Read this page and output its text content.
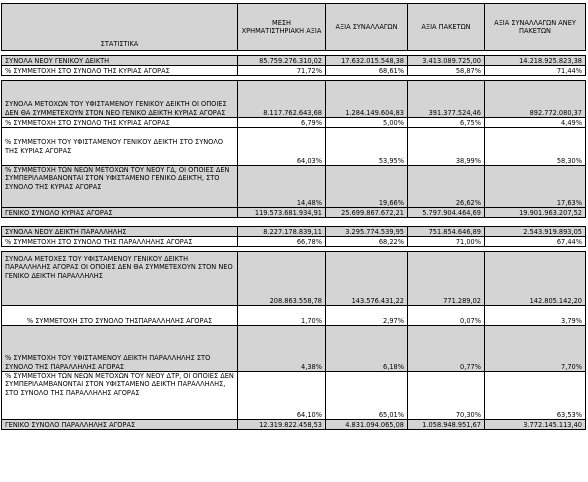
ΣΤΑΤΙΣΤΙΚΑ	ΜΕΣΗ ΧΡΗΜΑΤΙΣΤΗΡΙΑΚΗ ΑΞΙΑ	ΑΞΙΑ ΣΥΝΑΛΛΑΓΩΝ	ΑΞΙΑ ΠΑΚΕΤΩΝ	ΑΞΙΑ ΣΥΝΑΛΛΑΓΩΝ ΑΝΕΥ ΠΑΚΕΤΩΝ

ΣΥΝΟΛΑ ΝΕΟΥ ΓΕΝΙΚΟΥ ΔΕΙΚΤΗ	85.759.276.310,02	17.632.015.548,38	3.413.089.725,00	14.218.925.823,38
% ΣΥΜΜΕΤΟΧΗ ΣΤΟ ΣΥΝΟΛΟ ΤΗΣ ΚΥΡΙΑΣ ΑΓΟΡΑΣ	71,72%	68,61%	58,87%	71,44%

ΣΥΝΟΛΑ ΜΕΤΟΧΩΝ ΤΟΥ ΥΦΙΣΤΑΜΕΝΟΥ ΓΕΝΙΚΟΥ ΔΕΙΚΤΗ ΟΙ ΟΠΟΙΕΣ ΔΕΝ ΘΑ ΣΥΜΜΕΤΕΧΟΥΝ ΣΤΟΝ ΝΕΟ ΓΕΝΙΚΟ ΔΕΙΚΤΗ ΚΥΡΙΑΣ ΑΓΟΡΑΣ	8.117.762.643,68	1.284.149.604,83	391.377.524,46	892.772.080,37
% ΣΥΜΜΕΤΟΧΗ ΣΤΟ ΣΥΝΟΛΟ ΤΗΣ ΚΥΡΙΑΣ ΑΓΟΡΑΣ	6,79%	5,00%	6,75%	4,49%
% ΣΥΜΜΕΤΟΧΗ ΤΟΥ ΥΦΙΣΤΑΜΕΝΟΥ ΓΕΝΙΚΟΥ ΔΕΙΚΤΗ ΣΤΟ ΣΥΝΟΛΟ ΤΗΣ ΚΥΡΙΑΣ ΑΓΟΡΑΣ	64,03%	53,95%	38,99%	58,30%
% ΣΥΜΜΕΤΟΧΗ ΤΩΝ ΝΕΩΝ ΜΕΤΟΧΩΝ ΤΟΥ ΝΕΟΥ ΓΔ, ΟΙ ΟΠΟΙΕΣ ΔΕΝ ΣΥΜΠΕΡΙΛΑΜΒΑΝΟΝΤΑΙ ΣΤΟΝ ΥΦΙΣΤΑΜΕΝΟ ΓΕΝΙΚΟ ΔΕΙΚΤΗ, ΣΤΟ ΣΥΝΟΛΟ ΤΗΣ ΚΥΡΙΑΣ ΑΓΟΡΑΣ	14,48%	19,66%	26,62%	17,63%
ΓΕΝΙΚΟ ΣΥΝΟΛΟ ΚΥΡΙΑΣ ΑΓΟΡΑΣ	119.573.681.934,91	25.699.867.672,21	5.797.904.464,69	19.901.963.207,52

ΣΥΝΟΛΑ ΝΕΟΥ ΔΕΙΚΤΗ ΠΑΡΑΛΛΗΛΗΣ	8.227.178.839,11	3.295.774.539,95	751.854.646,89	2.543.919.893,05
% ΣΥΜΜΕΤΟΧΗ ΣΤΟ ΣΥΝΟΛΟ ΤΗΣ ΠΑΡΑΛΛΗΛΗΣ ΑΓΟΡΑΣ	66,78%	68,22%	71,00%	67,44%

ΣΥΝΟΛΑ ΜΕΤΟΧΕΣ ΤΟΥ ΥΦΙΣΤΑΜΕΝΟΥ ΓΕΝΙΚΟΥ ΔΕΙΚΤΗ ΠΑΡΑΛΛΗΛΗΣ ΑΓΟΡΑΣ ΟΙ ΟΠΟΙΕΣ ΔΕΝ ΘΑ ΣΥΜΜΕΤΕΧΟΥΝ ΣΤΟΝ ΝΕΟ ΓΕΝΙΚΟ ΔΕΙΚΤΗ ΠΑΡΑΛΛΗΛΗΣ	208.863.558,78	143.576.431,22	771.289,02	142.805.142,20
% ΣΥΜΜΕΤΟΧΗ ΣΤΟ ΣΥΝΟΛΟ ΤΗΣΠΑΡΑΛΛΗΛΗΣ ΑΓΟΡΑΣ	1,70%	2,97%	0,07%	3,79%
% ΣΥΜΜΕΤΟΧΗ ΤΟΥ ΥΦΙΣΤΑΜΕΝΟΥ ΔΕΙΚΤΗ ΠΑΡΑΛΛΗΛΗΣ ΣΤΟ ΣΥΝΟΛΟ ΤΗΣ ΠΑΡΑΛΛΗΛΗΣ ΑΓΟΡΑΣ	4,38%	6,18%	0,77%	7,70%
% ΣΥΜΜΕΤΟΧΗ ΤΩΝ ΝΕΩΝ ΜΕΤΟΧΩΝ ΤΟΥ ΝΕΟΥ ΔΤΡ, ΟΙ ΟΠΟΙΕΣ ΔΕΝ ΣΥΜΠΕΡΙΛΑΜΒΑΝΟΝΤΑΙ ΣΤΟΝ ΥΦΙΣΤΑΜΕΝΟ ΔΕΙΚΤΗ ΠΑΡΑΛΛΗΛΗΣ, ΣΤΟ ΣΥΝΟΛΟ ΤΗΣ ΠΑΡΑΛΛΗΛΗΣ ΑΓΟΡΑΣ	64,10%	65,01%	70,30%	63,53%
ΓΕΝΙΚΟ ΣΥΝΟΛΟ ΠΑΡΑΛΛΗΛΗΣ ΑΓΟΡΑΣ	12.319.822.458,53	4.831.094.065,08	1.058.948.951,67	3.772.145.113,40
